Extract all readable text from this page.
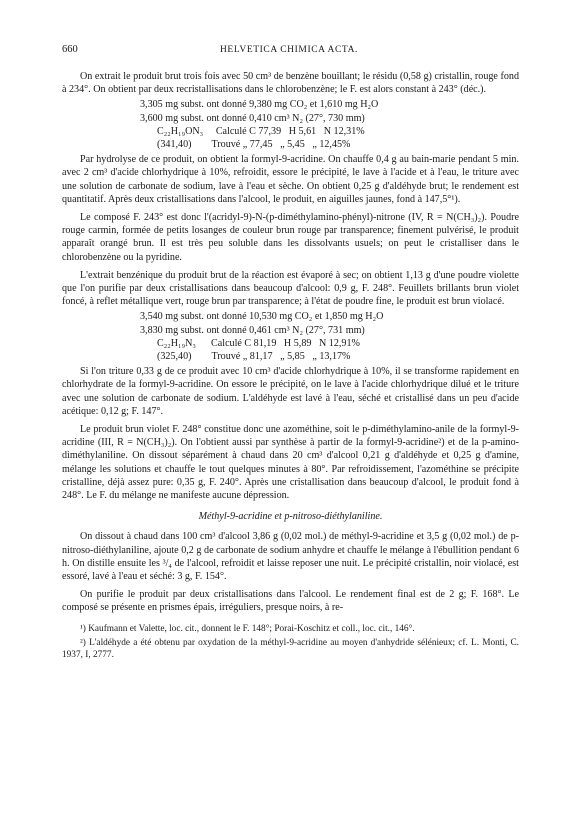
660	HELVETICA CHIMICA ACTA.

On extrait le produit brut trois fois avec 50 cm³ de benzène bouillant; le résidu (0,58 g) cristallin, rouge fond à 234°. On obtient par deux recristallisations dans le chlorobenzène; le F. est alors constant à 243° (déc.).

3,305 mg subst. ont donné 9,380 mg CO₂ et 1,610 mg H₂O
3,600 mg subst. ont donné 0,410 cm³ N₂ (27°, 730 mm)
C₂₂H₁₉ON₃     Calculé C 77,39   H 5,61   N 12,31%
(341,40)        Trouvé „ 77,45   „ 5,45   „ 12,45%

Par hydrolyse de ce produit, on obtient la formyl-9-acridine. On chauffe 0,4 g au bain-marie pendant 5 min. avec 2 cm³ d'acide chlorhydrique à 10%, refroidit, essore le précipité, le lave à l'acide et à l'eau, le triture avec une solution de carbonate de sodium, lave à l'eau et sèche. On obtient 0,25 g d'aldéhyde brut; le rendement est quantitatif. Après deux cristallisations dans l'alcool, le produit, en aiguilles jaunes, fond à 147,5°¹).

Le composé F. 243° est donc l'(acridyl-9)-N-(p-diméthylamino-phényl)-nitrone (IV, R = N(CH₃)₂). Poudre rouge carmin, formée de petits losanges de couleur brun rouge par transparence; finement pulvérisé, le produit apparaît orangé brun. Il est très peu soluble dans les dissolvants usuels; on peut le cristalliser dans le chlorobenzène ou la pyridine.

L'extrait benzénique du produit brut de la réaction est évaporé à sec; on obtient 1,13 g d'une poudre violette que l'on purifie par deux cristallisations dans beaucoup d'alcool: 0,9 g, F. 248°. Feuillets brillants brun violet foncé, à reflet métallique vert, rouge brun par transparence; à l'état de poudre fine, le produit est brun violacé.

3,540 mg subst. ont donné 10,530 mg CO₂ et 1,850 mg H₂O
3,830 mg subst. ont donné 0,461 cm³ N₂ (27°, 731 mm)
C₂₂H₁₉N₃      Calculé C 81,19   H 5,89   N 12,91%
(325,40)        Trouvé „ 81,17   „ 5,85   „ 13,17%

Si l'on triture 0,33 g de ce produit avec 10 cm³ d'acide chlorhydrique à 10%, il se transforme rapidement en chlorhydrate de la formyl-9-acridine. On essore le précipité, on le lave à l'acide chlorhydrique dilué et le triture avec une solution de carbonate de sodium. L'aldéhyde est lavé à l'eau, séché et cristallisé dans un peu d'acide acétique: 0,12 g; F. 147°.

Le produit brun violet F. 248° constitue donc une azométhine, soit le p-diméthylamino-anile de la formyl-9-acridine (III, R = N(CH₃)₂). On l'obtient aussi par synthèse à partir de la formyl-9-acridine²) et de la p-amino-diméthylaniline. On dissout séparément à chaud dans 20 cm³ d'alcool 0,21 g d'aldéhyde et 0,25 g d'amine, mélange les solutions et chauffe le tout quelques minutes à 80°. Par refroidissement, l'azométhine se précipite cristalline, déjà assez pure: 0,35 g, F. 240°. Après une cristallisation dans beaucoup d'alcool, le produit fond à 248°. Le F. du mélange ne manifeste aucune dépression.

Méthyl-9-acridine et p-nitroso-diéthylaniline.

On dissout à chaud dans 100 cm³ d'alcool 3,86 g (0,02 mol.) de méthyl-9-acridine et 3,5 g (0,02 mol.) de p-nitroso-diéthylaniline, ajoute 0,2 g de carbonate de sodium anhydre et chauffe le mélange à l'ébullition pendant 6 h. On distille ensuite les ³/₄ de l'alcool, refroidit et laisse reposer une nuit. Le précipité cristallin, noir violacé, est essoré, lavé à l'eau et séché: 3 g, F. 154°.

On purifie le produit par deux cristallisations dans l'alcool. Le rendement final est de 2 g; F. 168°. Le composé se présente en prismes épais, irréguliers, presque noirs, à re-

¹) Kaufmann et Valette, loc. cit., donnent le F. 148°; Porai-Koschitz et coll., loc. cit., 146°.

²) L'aldéhyde a été obtenu par oxydation de la méthyl-9-acridine au moyen d'anhydride sélénieux; cf. L. Monti, C. 1937, I, 2777.
